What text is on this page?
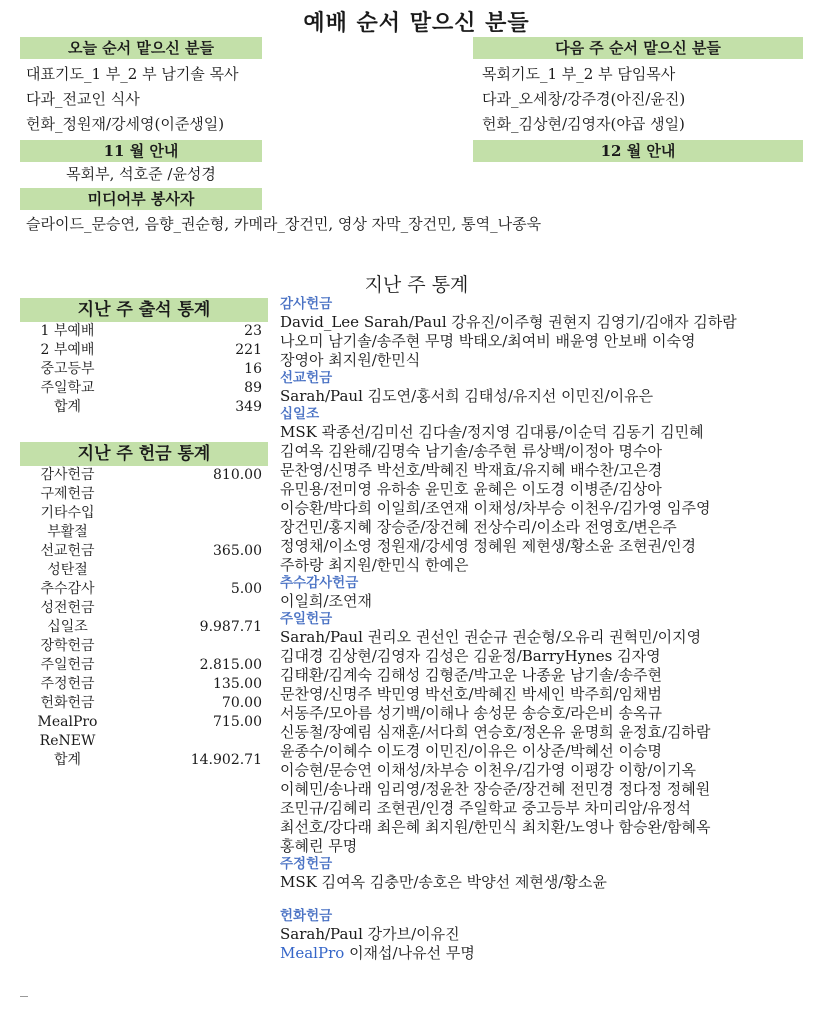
예배 순서 맡으신 분들
오늘 순서 맡으신 분들
대표기도_1 부_2 부 남기솔 목사
다과_전교인 식사
헌화_정원재/강세영(이준생일)
다음 주 순서 맡으신 분들
목회기도_1 부_2 부 담임목사
다과_오세창/강주경(아진/윤진)
헌화_김상현/김영자(야곱 생일)
11 월 안내
목회부, 석호준 /윤성경
12 월 안내
미디어부 봉사자
슬라이드_문승연, 음향_권순형, 카메라_장건민, 영상 자막_장건민, 통역_나종욱
지난 주 통계
지난 주 출석 통계
1 부예배	23
2 부예배	221
중고등부	16
주일학교	89
합계	349
지난 주 헌금 통계
감사헌금	810.00
구제헌금
기타수입
부활절
선교헌금	365.00
성탄절
추수감사	5.00
성전헌금
십일조	9.987.71
장학헌금
주일헌금	2.815.00
주정헌금	135.00
헌화헌금	70.00
MealPro	715.00
ReNEW
합계	14.902.71
감사헌금
David_Lee Sarah/Paul 강유진/이주형 권현지 김영기/김애자 김하람
나오미 남기솔/송주현 무명 박태오/최여비 배윤영 안보배 이숙영
장영아 최지원/한민식
선교헌금
Sarah/Paul 김도연/홍서희 김태성/유지선 이민진/이유은
십일조
MSK 곽종선/김미선 김다솔/정지영 김대룡/이순덕 김동기 김민혜
김여옥 김완해/김명숙 남기솔/송주현 류상백/이정아 명수아
문찬영/신명주 박선호/박혜진 박재효/유지혜 배수찬/고은경
유민용/전미영 유하송 윤민호 윤혜은 이도경 이병준/김상아
이승환/박다희 이일희/조연재 이채성/차부승 이천우/김가영 임주영
장건민/홍지혜 장승준/장건혜 전상수리/이소라 전영호/변은주
정영채/이소영 정원재/강세영 정혜원 제현생/황소윤 조현권/인경
주하랑 최지원/한민식 한예은
추수감사헌금
이일희/조연재
주일헌금
Sarah/Paul 권리오 권선인 권순규 권순형/오유리 권혁민/이지영
김대경 김상현/김영자 김성은 김윤정/BarryHynes 김자영
김태환/김계숙 김해성 김형준/박고운 나종윤 남기솔/송주현
문찬영/신명주 박민영 박선호/박혜진 박세인 박주희/임채범
서동주/모아름 성기백/이해나 송성문 송승호/라은비 송옥규
신동철/장예림 심재훈/서다희 연승호/정온유 윤명희 윤정효/김하람
윤종수/이혜수 이도경 이민진/이유은 이상준/박혜선 이승명
이승현/문승연 이채성/차부승 이천우/김가영 이평강 이항/이기옥
이혜민/송나래 임리영/정윤찬 장승준/장건혜 전민경 정다정 정혜원
조민규/김혜리 조현권/인경 주일학교 중고등부 차미리암/유정석
최선호/강다래 최은혜 최지원/한민식 최치환/노영나 함승완/함혜옥
홍혜린 무명
주정헌금
MSK 김여옥 김충만/송호은 박양선 제현생/황소윤
헌화헌금
Sarah/Paul 강가브/이유진
MealPro 이재섭/나유선 무명
